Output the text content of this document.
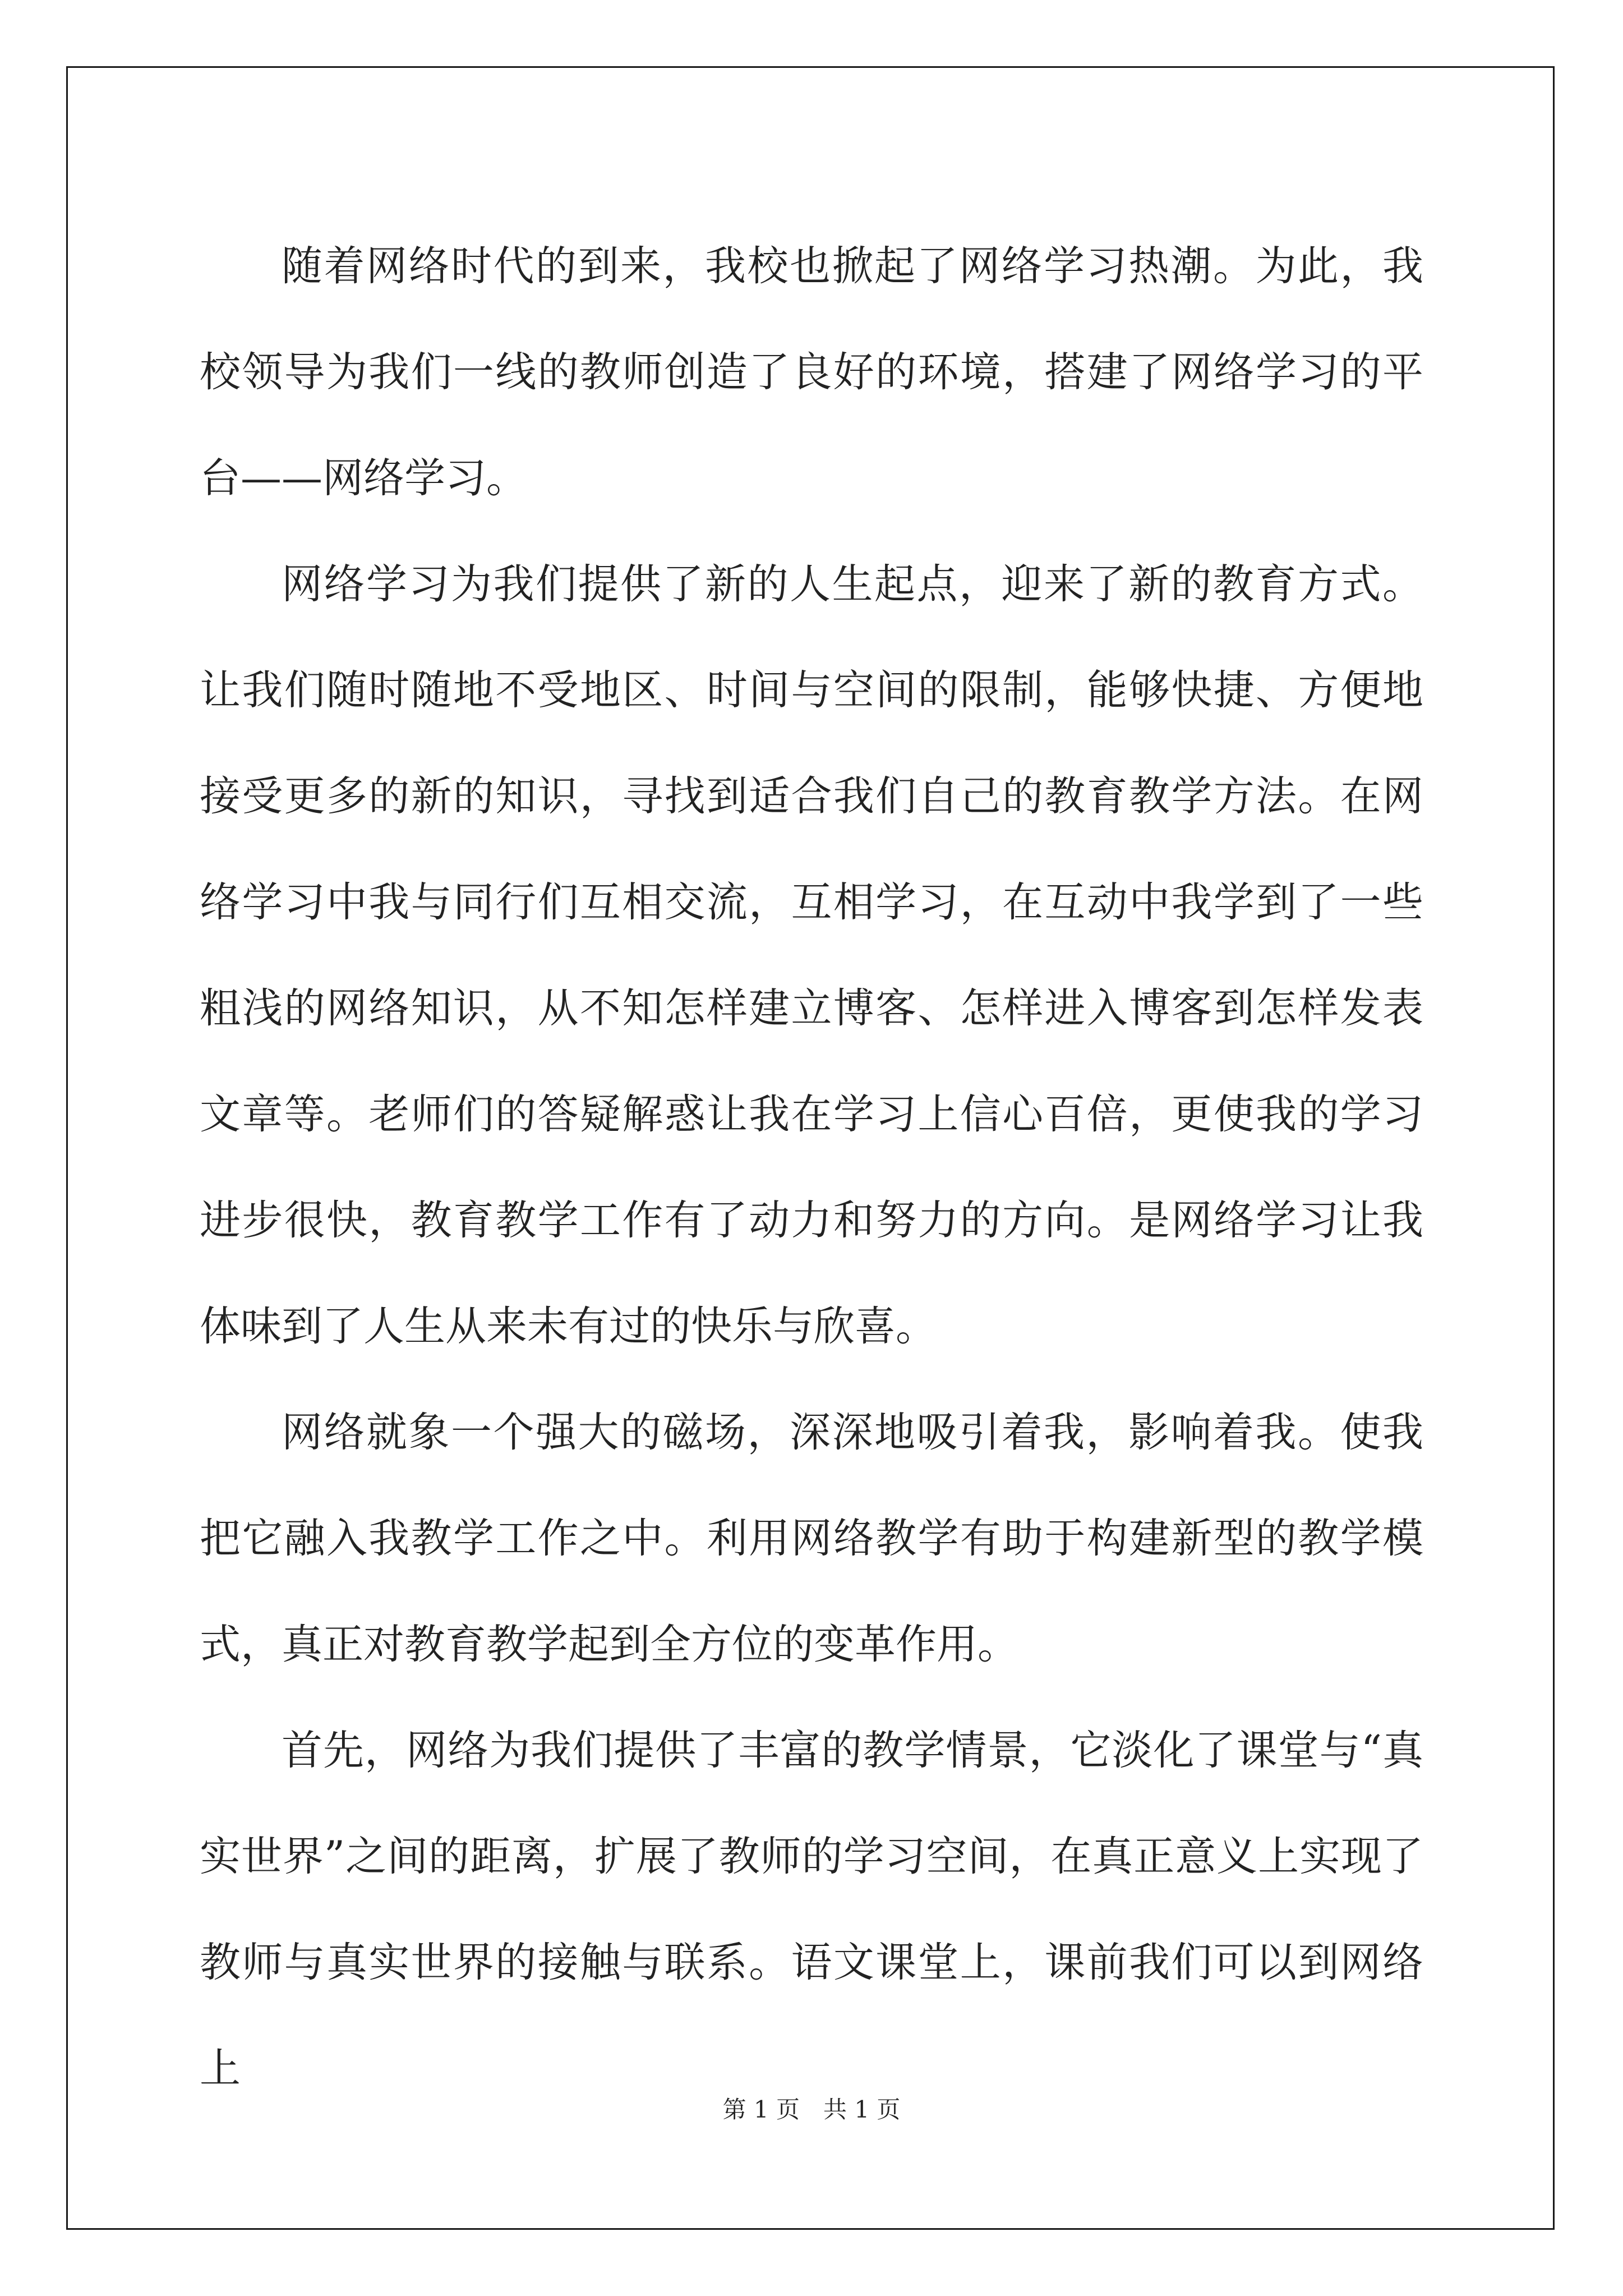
随着网络时代的到来，我校也掀起了网络学习热潮。为此，我校领导为我们一线的教师创造了良好的环境，搭建了网络学习的平台——网络学习。

网络学习为我们提供了新的人生起点，迎来了新的教育方式。让我们随时随地不受地区、时间与空间的限制，能够快捷、方便地接受更多的新的知识，寻找到适合我们自己的教育教学方法。在网络学习中我与同行们互相交流，互相学习，在互动中我学到了一些粗浅的网络知识，从不知怎样建立博客、怎样进入博客到怎样发表文章等。老师们的答疑解惑让我在学习上信心百倍，更使我的学习进步很快，教育教学工作有了动力和努力的方向。是网络学习让我体味到了人生从来未有过的快乐与欣喜。

网络就象一个强大的磁场，深深地吸引着我，影响着我。使我把它融入我教学工作之中。利用网络教学有助于构建新型的教学模式，真正对教育教学起到全方位的变革作用。

首先，网络为我们提供了丰富的教学情景，它淡化了课堂与“真实世界”之间的距离，扩展了教师的学习空间，在真正意义上实现了教师与真实世界的接触与联系。语文课堂上，课前我们可以到网络上

第 1 页　共 1 页
